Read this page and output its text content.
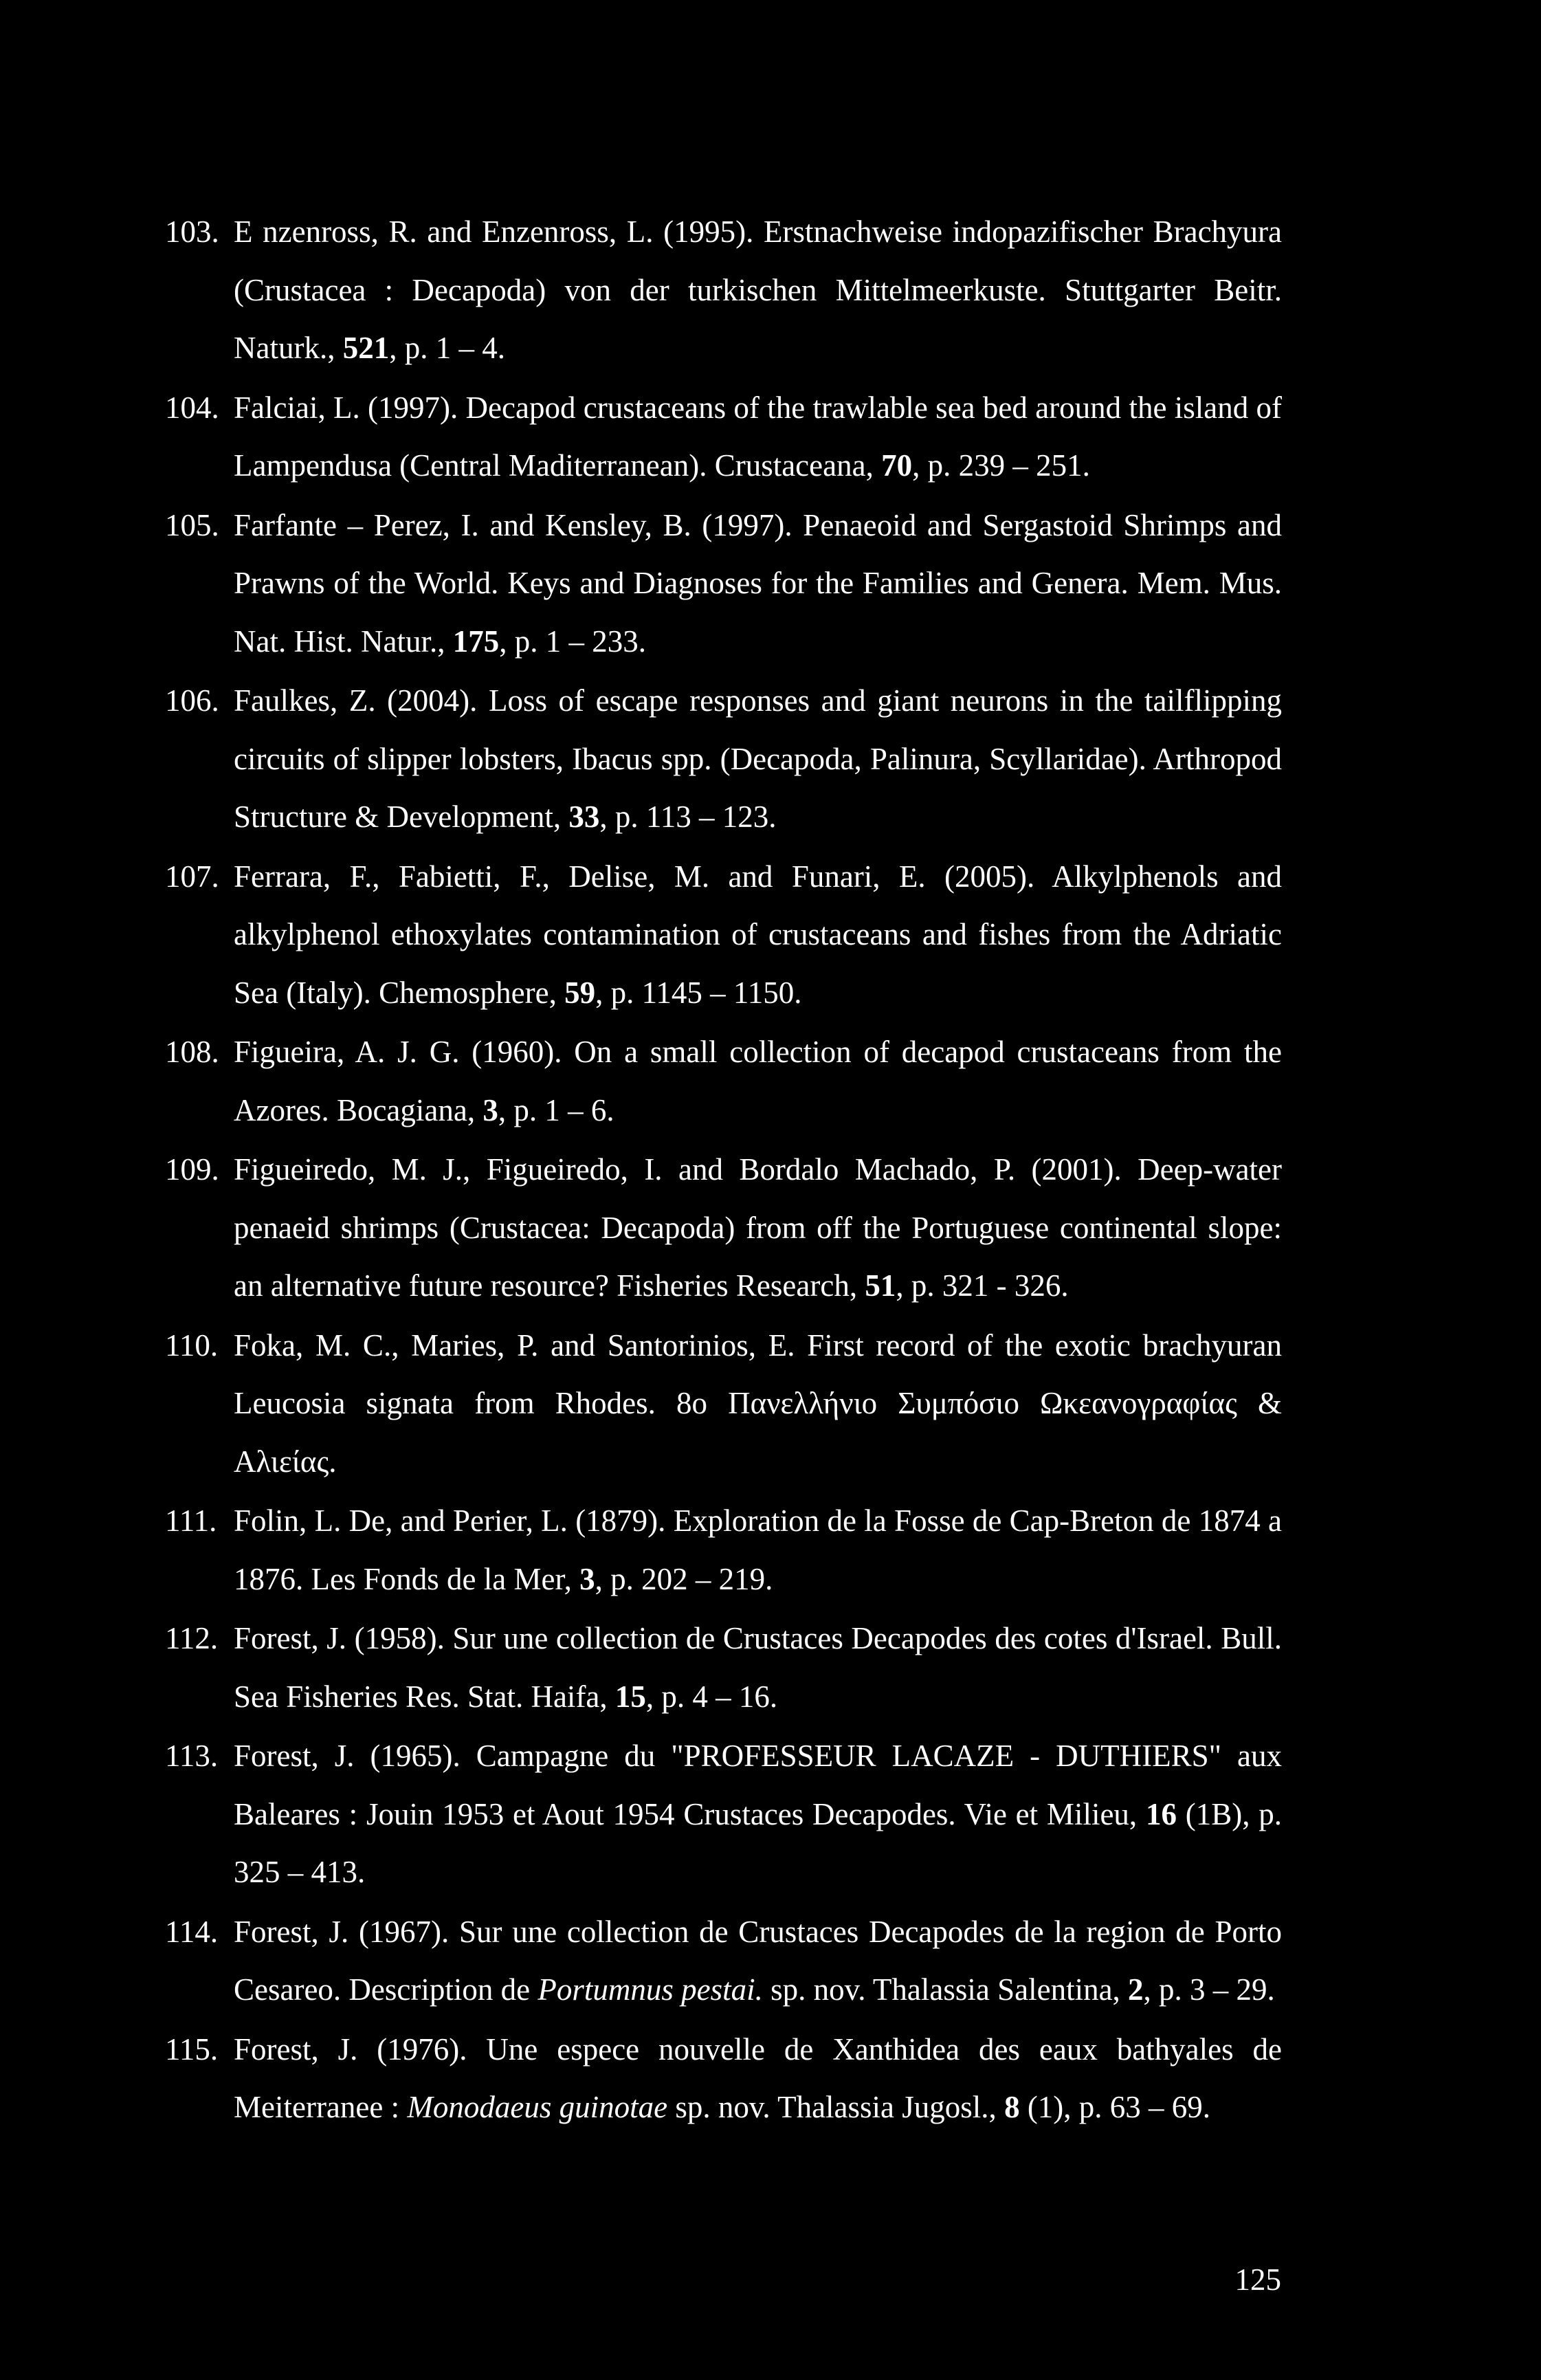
103. E nzenross, R. and Enzenross, L. (1995). Erstnachweise indopazifischer Brachyura (Crustacea : Decapoda) von der turkischen Mittelmeerkuste. Stuttgarter Beitr. Naturk., 521, p. 1 – 4.
104. Falciai, L. (1997). Decapod crustaceans of the trawlable sea bed around the island of Lampendusa (Central Maditerranean). Crustaceana, 70, p. 239 – 251.
105. Farfante – Perez, I. and Kensley, B. (1997). Penaeoid and Sergastoid Shrimps and Prawns of the World. Keys and Diagnoses for the Families and Genera. Mem. Mus. Nat. Hist. Natur., 175, p. 1 – 233.
106. Faulkes, Z. (2004). Loss of escape responses and giant neurons in the tailflipping circuits of slipper lobsters, Ibacus spp. (Decapoda, Palinura, Scyllaridae). Arthropod Structure & Development, 33, p. 113 – 123.
107. Ferrara, F., Fabietti, F., Delise, M. and Funari, E. (2005). Alkylphenols and alkylphenol ethoxylates contamination of crustaceans and fishes from the Adriatic Sea (Italy). Chemosphere, 59, p. 1145 – 1150.
108. Figueira, A. J. G. (1960). On a small collection of decapod crustaceans from the Azores. Bocagiana, 3, p. 1 – 6.
109. Figueiredo, M. J., Figueiredo, I. and Bordalo Machado, P. (2001). Deep-water penaeid shrimps (Crustacea: Decapoda) from off the Portuguese continental slope: an alternative future resource? Fisheries Research, 51, p. 321 - 326.
110. Foka, M. C., Maries, P. and Santorinios, E. First record of the exotic brachyuran Leucosia signata from Rhodes. 8o Πανελλήνιο Συμπόσιο Ωκεανογραφίας & Αλιείας.
111. Folin, L. De, and Perier, L. (1879). Exploration de la Fosse de Cap-Breton de 1874 a 1876. Les Fonds de la Mer, 3, p. 202 – 219.
112. Forest, J. (1958). Sur une collection de Crustaces Decapodes des cotes d'Israel. Bull. Sea Fisheries Res. Stat. Haifa, 15, p. 4 – 16.
113. Forest, J. (1965). Campagne du "PROFESSEUR LACAZE - DUTHIERS" aux Baleares : Jouin 1953 et Aout 1954 Crustaces Decapodes. Vie et Milieu, 16 (1B), p. 325 – 413.
114. Forest, J. (1967). Sur une collection de Crustaces Decapodes de la region de Porto Cesareo. Description de Portumnus pestai. sp. nov. Thalassia Salentina, 2, p. 3 – 29.
115. Forest, J. (1976). Une espece nouvelle de Xanthidea des eaux bathyales de Meiterranee : Monodaeus guinotae sp. nov. Thalassia Jugosl., 8 (1), p. 63 – 69.
125
